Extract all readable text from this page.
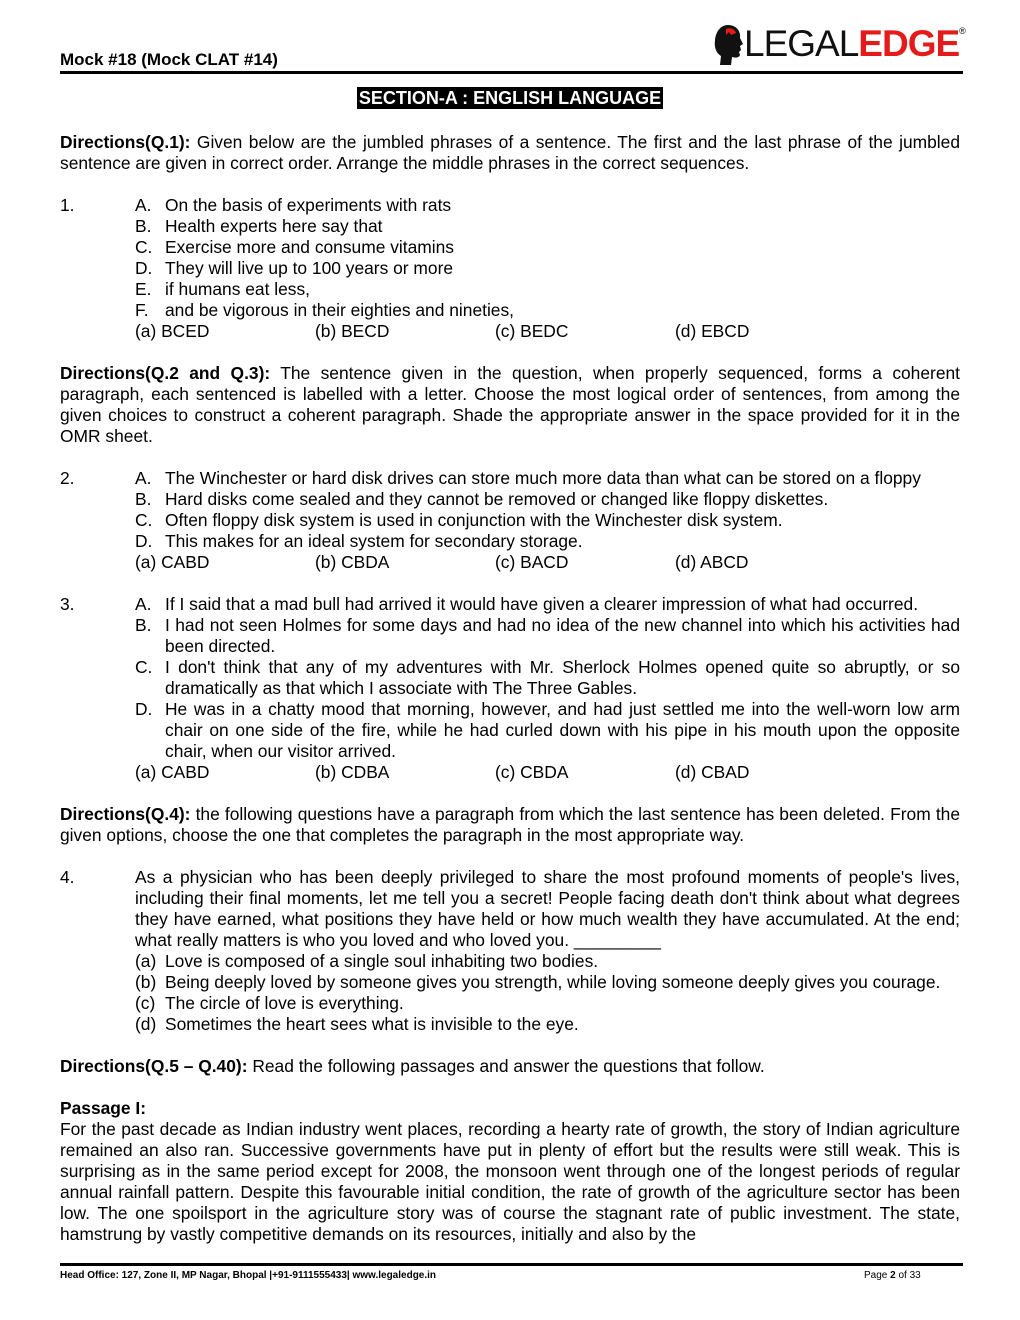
Mock #18 (Mock CLAT #14)	LEGAL EDGE ®
SECTION-A : ENGLISH LANGUAGE

Directions(Q.1): Given below are the jumbled phrases of a sentence. The first and the last phrase of the jumbled sentence are given in correct order. Arrange the middle phrases in the correct sequences.

1.	A. On the basis of experiments with rats
B. Health experts here say that
C. Exercise more and consume vitamins
D. They will live up to 100 years or more
E. if humans eat less,
F. and be vigorous in their eighties and nineties,
(a) BCED	(b) BECD	(c) BEDC	(d) EBCD

Directions(Q.2 and Q.3): The sentence given in the question, when properly sequenced, forms a coherent paragraph, each sentenced is labelled with a letter. Choose the most logical order of sentences, from among the given choices to construct a coherent paragraph. Shade the appropriate answer in the space provided for it in the OMR sheet.

2.	A. The Winchester or hard disk drives can store much more data than what can be stored on a floppy
B. Hard disks come sealed and they cannot be removed or changed like floppy diskettes.
C. Often floppy disk system is used in conjunction with the Winchester disk system.
D. This makes for an ideal system for secondary storage.
(a) CABD	(b) CBDA	(c) BACD	(d) ABCD
3.	A. If I said that a mad bull had arrived it would have given a clearer impression of what had occurred.
B. I had not seen Holmes for some days and had no idea of the new channel into which his activities had been directed.
C. I don't think that any of my adventures with Mr. Sherlock Holmes opened quite so abruptly, or so dramatically as that which I associate with The Three Gables.
D. He was in a chatty mood that morning, however, and had just settled me into the well-worn low arm chair on one side of the fire, while he had curled down with his pipe in his mouth upon the opposite chair, when our visitor arrived.
(a) CABD	(b) CDBA	(c) CBDA	(d) CBAD

Directions(Q.4): the following questions have a paragraph from which the last sentence has been deleted. From the given options, choose the one that completes the paragraph in the most appropriate way.

4.	As a physician who has been deeply privileged to share the most profound moments of people's lives, including their final moments, let me tell you a secret! People facing death don't think about what degrees they have earned, what positions they have held or how much wealth they have accumulated. At the end; what really matters is who you loved and who loved you. _________
(a) Love is composed of a single soul inhabiting two bodies.
(b) Being deeply loved by someone gives you strength, while loving someone deeply gives you courage.
(c) The circle of love is everything.
(d) Sometimes the heart sees what is invisible to the eye.

Directions(Q.5 – Q.40): Read the following passages and answer the questions that follow.

Passage I:

For the past decade as Indian industry went places, recording a hearty rate of growth, the story of Indian agriculture remained an also ran. Successive governments have put in plenty of effort but the results were still weak. This is surprising as in the same period except for 2008, the monsoon went through one of the longest periods of regular annual rainfall pattern. Despite this favourable initial condition, the rate of growth of the agriculture sector has been low. The one spoilsport in the agriculture story was of course the stagnant rate of public investment. The state, hamstrung by vastly competitive demands on its resources, initially and also by the

Head Office: 127, Zone II, MP Nagar, Bhopal |+91-9111555433| www.legaledge.in	Page 2 of 33
